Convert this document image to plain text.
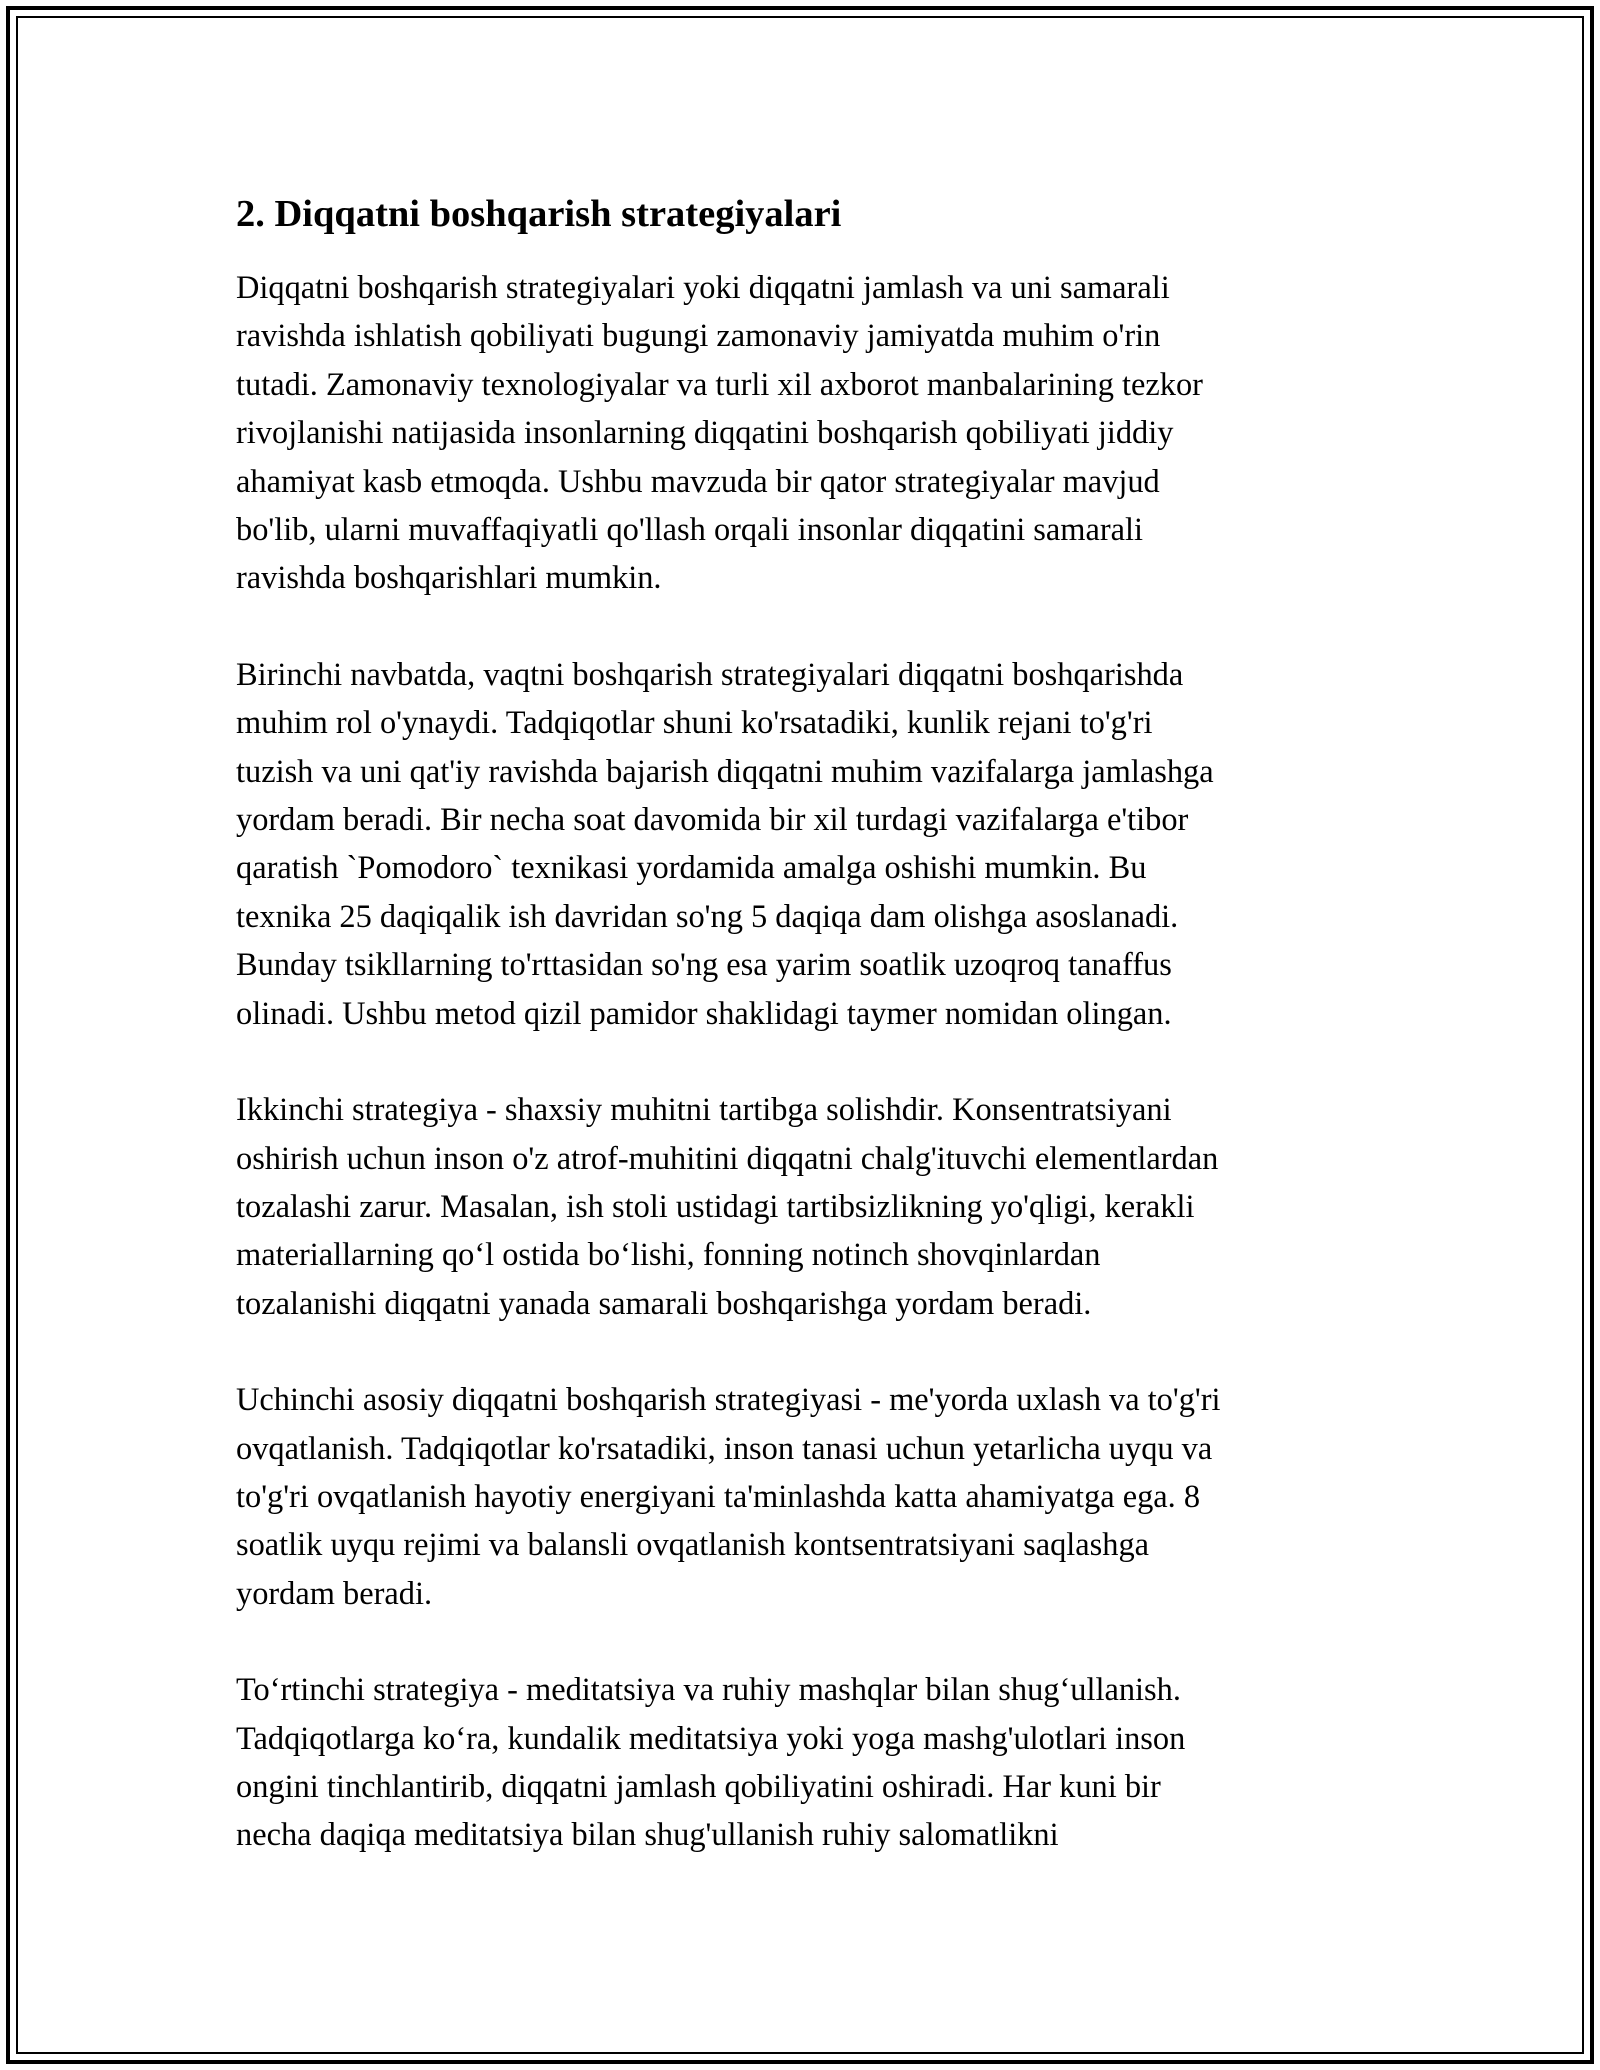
2. Diqqatni boshqarish strategiyalari

Diqqatni boshqarish strategiyalari yoki diqqatni jamlash va uni samarali
ravishda ishlatish qobiliyati bugungi zamonaviy jamiyatda muhim o'rin
tutadi. Zamonaviy texnologiyalar va turli xil axborot manbalarining tezkor
rivojlanishi natijasida insonlarning diqqatini boshqarish qobiliyati jiddiy
ahamiyat kasb etmoqda. Ushbu mavzuda bir qator strategiyalar mavjud
bo'lib, ularni muvaffaqiyatli qo'llash orqali insonlar diqqatini samarali
ravishda boshqarishlari mumkin.

Birinchi navbatda, vaqtni boshqarish strategiyalari diqqatni boshqarishda
muhim rol o'ynaydi. Tadqiqotlar shuni ko'rsatadiki, kunlik rejani to'g'ri
tuzish va uni qat'iy ravishda bajarish diqqatni muhim vazifalarga jamlashga
yordam beradi. Bir necha soat davomida bir xil turdagi vazifalarga e'tibor
qaratish `Pomodoro` texnikasi yordamida amalga oshishi mumkin. Bu
texnika 25 daqiqalik ish davridan so'ng 5 daqiqa dam olishga asoslanadi.
Bunday tsikllarning to'rttasidan so'ng esa yarim soatlik uzoqroq tanaffus
olinadi. Ushbu metod qizil pamidor shaklidagi taymer nomidan olingan.

Ikkinchi strategiya - shaxsiy muhitni tartibga solishdir. Konsentratsiyani
oshirish uchun inson o'z atrof-muhitini diqqatni chalg'ituvchi elementlardan
tozalashi zarur. Masalan, ish stoli ustidagi tartibsizlikning yo'qligi, kerakli
materiallarning qoʻl ostida boʻlishi, fonning notinch shovqinlardan
tozalanishi diqqatni yanada samarali boshqarishga yordam beradi.

Uchinchi asosiy diqqatni boshqarish strategiyasi - me'yorda uxlash va to'g'ri
ovqatlanish. Tadqiqotlar ko'rsatadiki, inson tanasi uchun yetarlicha uyqu va
to'g'ri ovqatlanish hayotiy energiyani ta'minlashda katta ahamiyatga ega. 8
soatlik uyqu rejimi va balansli ovqatlanish kontsentratsiyani saqlashga
yordam beradi.

Toʻrtinchi strategiya - meditatsiya va ruhiy mashqlar bilan shugʻullanish.
Tadqiqotlarga koʻra, kundalik meditatsiya yoki yoga mashg'ulotlari inson
ongini tinchlantirib, diqqatni jamlash qobiliyatini oshiradi. Har kuni bir
necha daqiqa meditatsiya bilan shug'ullanish ruhiy salomatlikni
